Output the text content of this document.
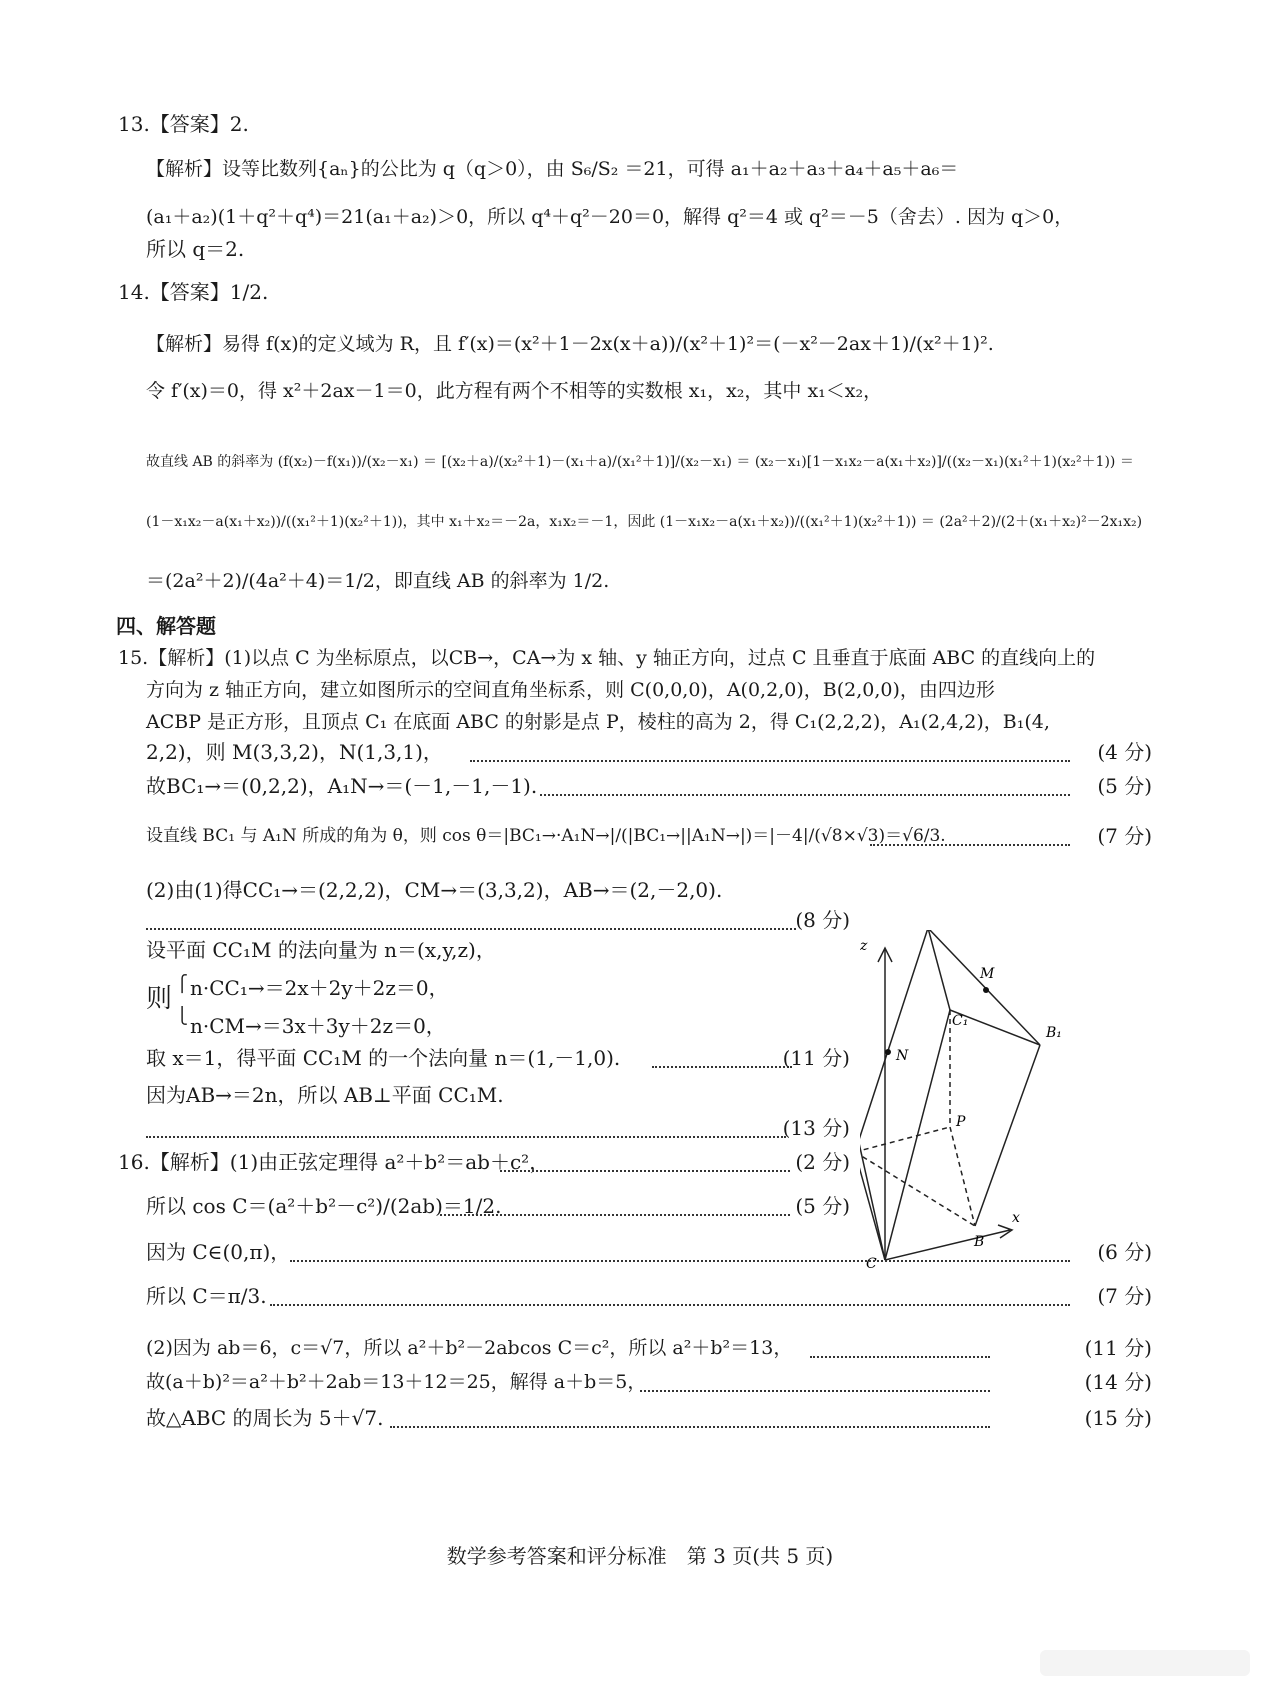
13.【答案】2.
【解析】设等比数列{aₙ}的公比为 q（q＞0），由 S₆/S₂ ＝21，可得 a₁＋a₂＋a₃＋a₄＋a₅＋a₆＝
(a₁＋a₂)(1＋q²＋q⁴)＝21(a₁＋a₂)＞0，所以 q⁴＋q²－20＝0，解得 q²＝4 或 q²＝－5（舍去）. 因为 q＞0，
所以 q＝2.
14.【答案】1/2.
【解析】易得 f(x)的定义域为 R，且 f′(x)＝(x²＋1－2x(x＋a))/(x²＋1)²＝(－x²－2ax＋1)/(x²＋1)².
令 f′(x)＝0，得 x²＋2ax－1＝0，此方程有两个不相等的实数根 x₁，x₂，其中 x₁＜x₂，
故直线 AB 的斜率为 (f(x₂)－f(x₁))/(x₂－x₁) ＝ [(x₂＋a)/(x₂²＋1)－(x₁＋a)/(x₁²＋1)]/(x₂－x₁) ＝ (x₂－x₁)[1－x₁x₂－a(x₁＋x₂)]/((x₂－x₁)(x₁²＋1)(x₂²＋1)) ＝
(1－x₁x₂－a(x₁＋x₂))/((x₁²＋1)(x₂²＋1))，其中 x₁＋x₂＝－2a，x₁x₂＝－1，因此 (1－x₁x₂－a(x₁＋x₂))/((x₁²＋1)(x₂²＋1)) ＝ (2a²＋2)/(2＋(x₁＋x₂)²－2x₁x₂)
＝(2a²＋2)/(4a²＋4)＝1/2，即直线 AB 的斜率为 1/2.
四、解答题
15.【解析】(1)以点 C 为坐标原点，以CB→，CA→为 x 轴、y 轴正方向，过点 C 且垂直于底面 ABC 的直线向上的
方向为 z 轴正方向，建立如图所示的空间直角坐标系，则 C(0,0,0)，A(0,2,0)，B(2,0,0)，由四边形
ACBP 是正方形，且顶点 C₁ 在底面 ABC 的射影是点 P，棱柱的高为 2，得 C₁(2,2,2)，A₁(2,4,2)，B₁(4,
2,2)，则 M(3,3,2)，N(1,3,1)，	(4 分)
故BC₁→＝(0,2,2)，A₁N→＝(－1,－1,－1).	(5 分)
设直线 BC₁ 与 A₁N 所成的角为 θ，则 cos θ＝|BC₁→·A₁N→|/(|BC₁→||A₁N→|)＝|－4|/(√8×√3)＝√6/3.	(7 分)
(2)由(1)得CC₁→＝(2,2,2)，CM→＝(3,3,2)，AB→＝(2,－2,0).
(8 分)
设平面 CC₁M 的法向量为 n＝(x,y,z)，
则
⎧
⎩
n·CC₁→＝2x＋2y＋2z＝0，
n·CM→＝3x＋3y＋2z＝0，
取 x＝1，得平面 CC₁M 的一个法向量 n＝(1,－1,0).	(11 分)
因为AB→＝2n，所以 AB⊥平面 CC₁M.
(13 分)
z
x
M
C₁
B₁
N
P
C
B
16.【解析】(1)由正弦定理得 a²＋b²＝ab＋c²，	(2 分)
所以 cos C＝(a²＋b²－c²)/(2ab)＝1/2.	(5 分)
因为 C∈(0,π)，	(6 分)
所以 C＝π/3.	(7 分)
(2)因为 ab＝6，c＝√7，所以 a²＋b²－2abcos C＝c²，所以 a²＋b²＝13，	(11 分)
故(a＋b)²＝a²＋b²＋2ab＝13＋12＝25，解得 a＋b＝5，	(14 分)
故△ABC 的周长为 5＋√7.	(15 分)
数学参考答案和评分标准　第 3 页(共 5 页)
